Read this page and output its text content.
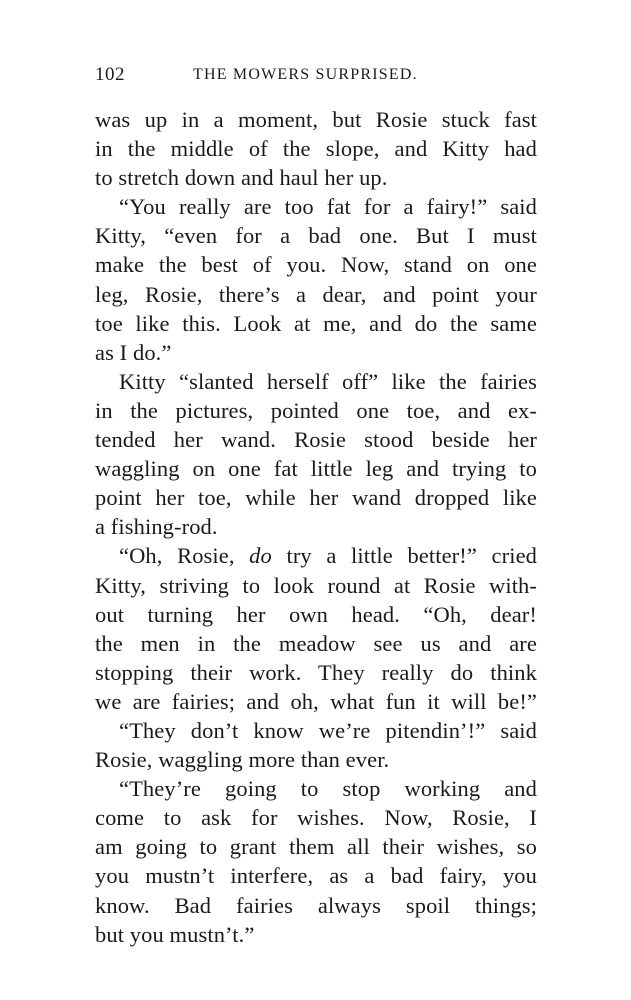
102	THE MOWERS SURPRISED.
was up in a moment, but Rosie stuck fast
in the middle of the slope, and Kitty had
to stretch down and haul her up.
“You really are too fat for a fairy!” said
Kitty, “even for a bad one. But I must
make the best of you. Now, stand on one
leg, Rosie, there’s a dear, and point your
toe like this. Look at me, and do the same
as I do.”
Kitty “slanted herself off” like the fairies
in the pictures, pointed one toe, and ex-
tended her wand. Rosie stood beside her
waggling on one fat little leg and trying to
point her toe, while her wand dropped like
a fishing-rod.
“Oh, Rosie, do try a little better!” cried
Kitty, striving to look round at Rosie with-
out turning her own head. “Oh, dear!
the men in the meadow see us and are
stopping their work. They really do think
we are fairies; and oh, what fun it will be!”
“They don’t know we’re pitendin’!” said
Rosie, waggling more than ever.
“They’re going to stop working and
come to ask for wishes. Now, Rosie, I
am going to grant them all their wishes, so
you mustn’t interfere, as a bad fairy, you
know. Bad fairies always spoil things;
but you mustn’t.”
